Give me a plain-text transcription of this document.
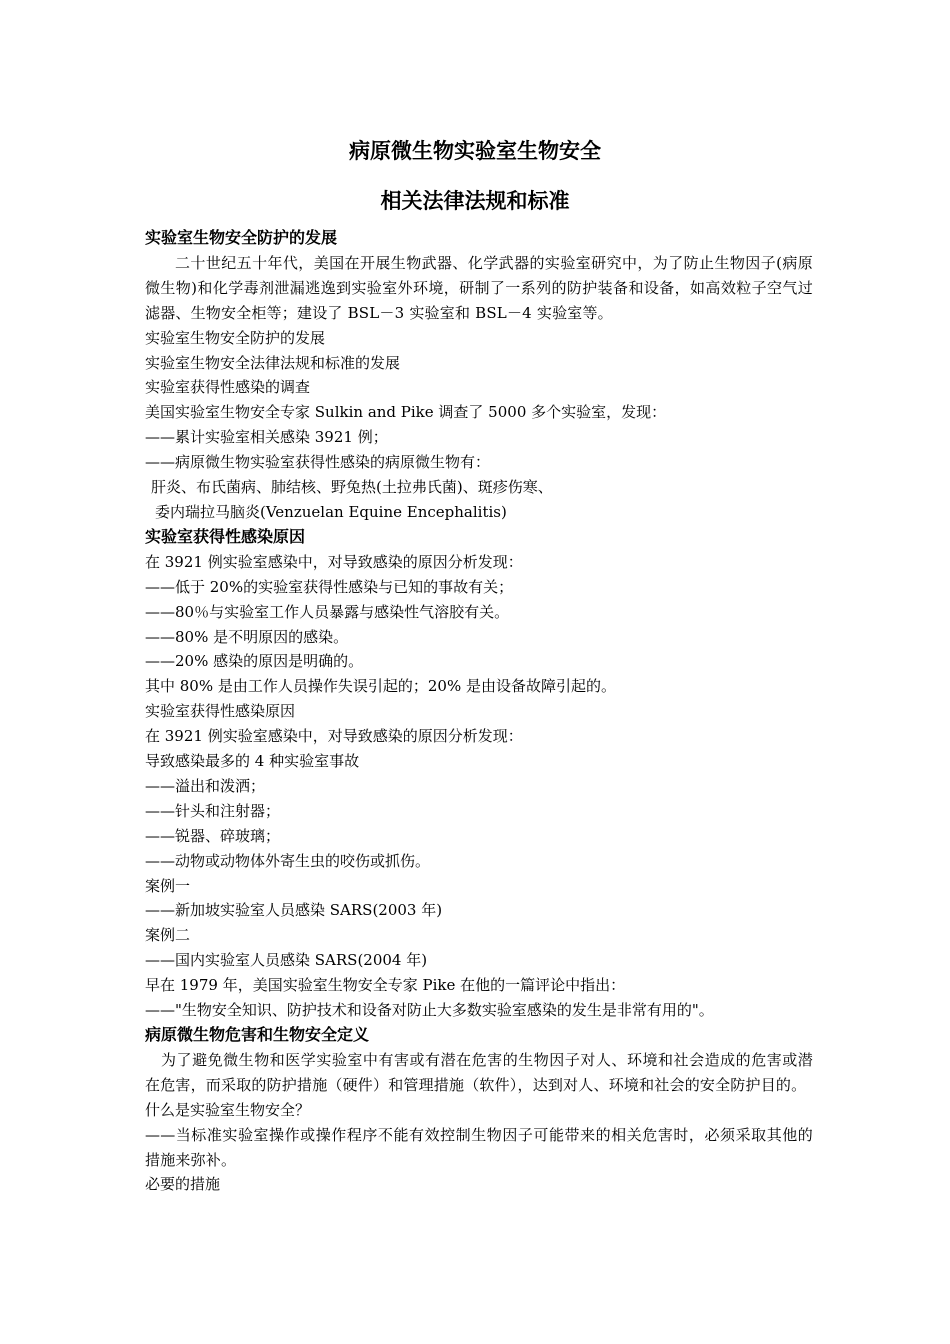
病原微生物实验室生物安全
相关法律法规和标准
实验室生物安全防护的发展

二十世纪五十年代，美国在开展生物武器、化学武器的实验室研究中，为了防止生物因子(病原微生物)和化学毒剂泄漏逃逸到实验室外环境，研制了一系列的防护装备和设备，如高效粒子空气过滤器、生物安全柜等；建设了 BSL－3 实验室和 BSL－4 实验室等。

实验室生物安全防护的发展
实验室生物安全法律法规和标准的发展
实验室获得性感染的调查
美国实验室生物安全专家 Sulkin and Pike 调查了 5000 多个实验室，发现：
——累计实验室相关感染 3921 例；
——病原微生物实验室获得性感染的病原微生物有：
肝炎、布氏菌病、肺结核、野兔热(土拉弗氏菌)、斑疹伤寒、
委内瑞拉马脑炎(Venzuelan Equine Encephalitis)
实验室获得性感染原因
在 3921 例实验室感染中，对导致感染的原因分析发现：
——低于 20%的实验室获得性感染与已知的事故有关；
——80％与实验室工作人员暴露与感染性气溶胶有关。
——80% 是不明原因的感染。
——20% 感染的原因是明确的。
其中 80% 是由工作人员操作失误引起的；20% 是由设备故障引起的。
实验室获得性感染原因
在 3921 例实验室感染中，对导致感染的原因分析发现：
导致感染最多的 4 种实验室事故
——溢出和泼洒；
——针头和注射器；
——锐器、碎玻璃；
——动物或动物体外寄生虫的咬伤或抓伤。
案例一
——新加坡实验室人员感染 SARS(2003 年)
案例二
——国内实验室人员感染 SARS(2004 年)
早在 1979 年，美国实验室生物安全专家 Pike 在他的一篇评论中指出：
——"生物安全知识、防护技术和设备对防止大多数实验室感染的发生是非常有用的"。
病原微生物危害和生物安全定义

为了避免微生物和医学实验室中有害或有潜在危害的生物因子对人、环境和社会造成的危害或潜在危害，而采取的防护措施（硬件）和管理措施（软件），达到对人、环境和社会的安全防护目的。

什么是实验室生物安全？

——当标准实验室操作或操作程序不能有效控制生物因子可能带来的相关危害时，必须采取其他的措施来弥补。

必要的措施
